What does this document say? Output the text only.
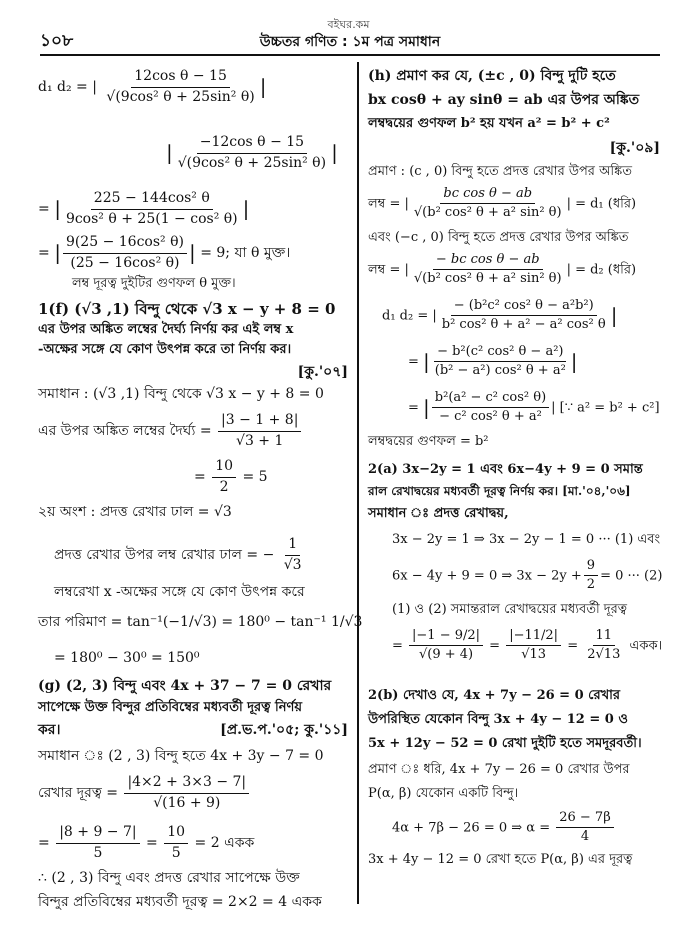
বইঘর.কম
১০৮	উচ্চতর গণিত : ১ম পত্র সমাধান
d₁ d₂ = | $\frac{\text{12cos θ − 15}}{\text{√(9cos² θ + 25sin² θ)}}$ |
| $\frac{\text{−12cos θ − 15}}{\text{√(9cos² θ + 25sin² θ)}}$ |
= | $\frac{\text{225 − 144cos² θ}}{\text{9cos² θ + 25(1 − cos² θ)}}$ |
= | $\frac{\text{9(25 − 16cos² θ)}}{\text{(25 − 16cos² θ)}}$ | = 9; যা θ মুক্ত।
লম্ব দূরত্ব দুইটির গুণফল θ মুক্ত।
1(f) (√3 ,1) বিন্দু থেকে √3 x − y + 8 = 0
এর উপর অঙ্কিত লম্বের দৈর্ঘ্য নির্ণয় কর এই লম্ব x
-অক্ষের সঙ্গে যে কোণ উৎপন্ন করে তা নির্ণয় কর।
[কু.'০৭]
সমাধান : (√3 ,1) বিন্দু থেকে √3 x − y + 8 = 0
এর উপর অঙ্কিত লম্বের দৈর্ঘ্য = $\frac{|3 - 1 + 8|}{√3 + 1}$
= $\frac{10}{2} = 5$
২য় অংশ : প্রদত্ত রেখার ঢাল = √3
প্রদত্ত রেখার উপর লম্ব রেখার ঢাল = − $\frac{1}{√3}$
লম্বরেখা x -অক্ষের সঙ্গে যে কোণ উৎপন্ন করে
তার পরিমাণ = tan⁻¹(−1/√3) = 180⁰ − tan⁻¹ 1/√3
= 180⁰ − 30⁰ = 150⁰
(g) (2, 3) বিন্দু এবং 4x + 37 − 7 = 0 রেখার
সাপেক্ষে উক্ত বিন্দুর প্রতিবিম্বের মধ্যবর্তী দূরত্ব নির্ণয়
কর।	[প্র.ভ.প.'০৫; কু.'১১]
সমাধান ঃ (2 , 3) বিন্দু হতে 4x + 3y − 7 = 0
রেখার দূরত্ব = $\frac{|4\times 2 + 3\times 3 - 7|}{√(16 + 9)}$
= $\frac{|8 + 9 - 7|}{5} = \frac{10}{5} = 2$ একক
∴ (2 , 3) বিন্দু এবং প্রদত্ত রেখার সাপেক্ষে উক্ত
বিন্দুর প্রতিবিম্বের মধ্যবর্তী দূরত্ব = 2×2 = 4 একক
(h) প্রমাণ কর যে, (±c , 0) বিন্দু দুটি হতে
bx cosθ + ay sinθ = ab এর উপর অঙ্কিত
লম্বদ্বয়ের গুণফল b² হয় যখন a² = b² + c²
[কু.'০৯]
প্রমাণ : (c , 0) বিন্দু হতে প্রদত্ত রেখার উপর অঙ্কিত
লম্ব = | $\frac{\text{bc cos θ − ab}}{\text{√(b² cos² θ + a² sin² θ)}}$ | = d₁ (ধরি)
এবং (−c , 0) বিন্দু হতে প্রদত্ত রেখার উপর অঙ্কিত
লম্ব = | $\frac{\text{− bc cos θ − ab}}{\text{√(b² cos² θ + a² sin² θ)}}$ | = d₂ (ধরি)
d₁ d₂ = | $\frac{\text{− (b²c² cos² θ − a²b²)}}{\text{b² cos² θ + a² − a² cos² θ}}$ |
= | $\frac{\text{− b²(c² cos² θ − a²)}}{\text{(b² − a²) cos² θ + a²}}$ |
= | $\frac{\text{b²(a² − c² cos² θ)}}{\text{− c² cos² θ + a²}}$ | [∵ a² = b² + c²]
লম্বদ্বয়ের গুণফল = b²
2(a) 3x−2y = 1 এবং 6x−4y + 9 = 0 সমান্ত
রাল রেখাদ্বয়ের মধ্যবর্তী দূরত্ব নির্ণয় কর। [মা.'০৪,'০৬]
সমাধান ঃ প্রদত্ত রেখাদ্বয়,
3x − 2y = 1 ⇒ 3x − 2y − 1 = 0 ··· (1) এবং
6x − 4y + 9 = 0 ⇒ $3x - 2y + \frac{9}{2} = 0$ ··· (2)
(1) ও (2) সমান্তরাল রেখাদ্বয়ের মধ্যবর্তী দূরত্ব
= $\frac{|-1 - 9/2|}{√(9 + 4)} = \frac{|-11/2|}{√13} = \frac{11}{2√13}$ একক।
2(b) দেখাও যে, 4x + 7y − 26 = 0 রেখার
উপরিস্থিত যেকোন বিন্দু 3x + 4y − 12 = 0 ও
5x + 12y − 52 = 0 রেখা দুইটি হতে সমদূরবর্তী।
প্রমাণ ঃ ধরি, 4x + 7y − 26 = 0 রেখার উপর
P(α, β) যেকোন একটি বিন্দু।
4α + 7β − 26 = 0 ⇒ $\alpha = \frac{26 - 7\beta}{4}$
3x + 4y − 12 = 0 রেখা হতে P(α, β) এর দূরত্ব
